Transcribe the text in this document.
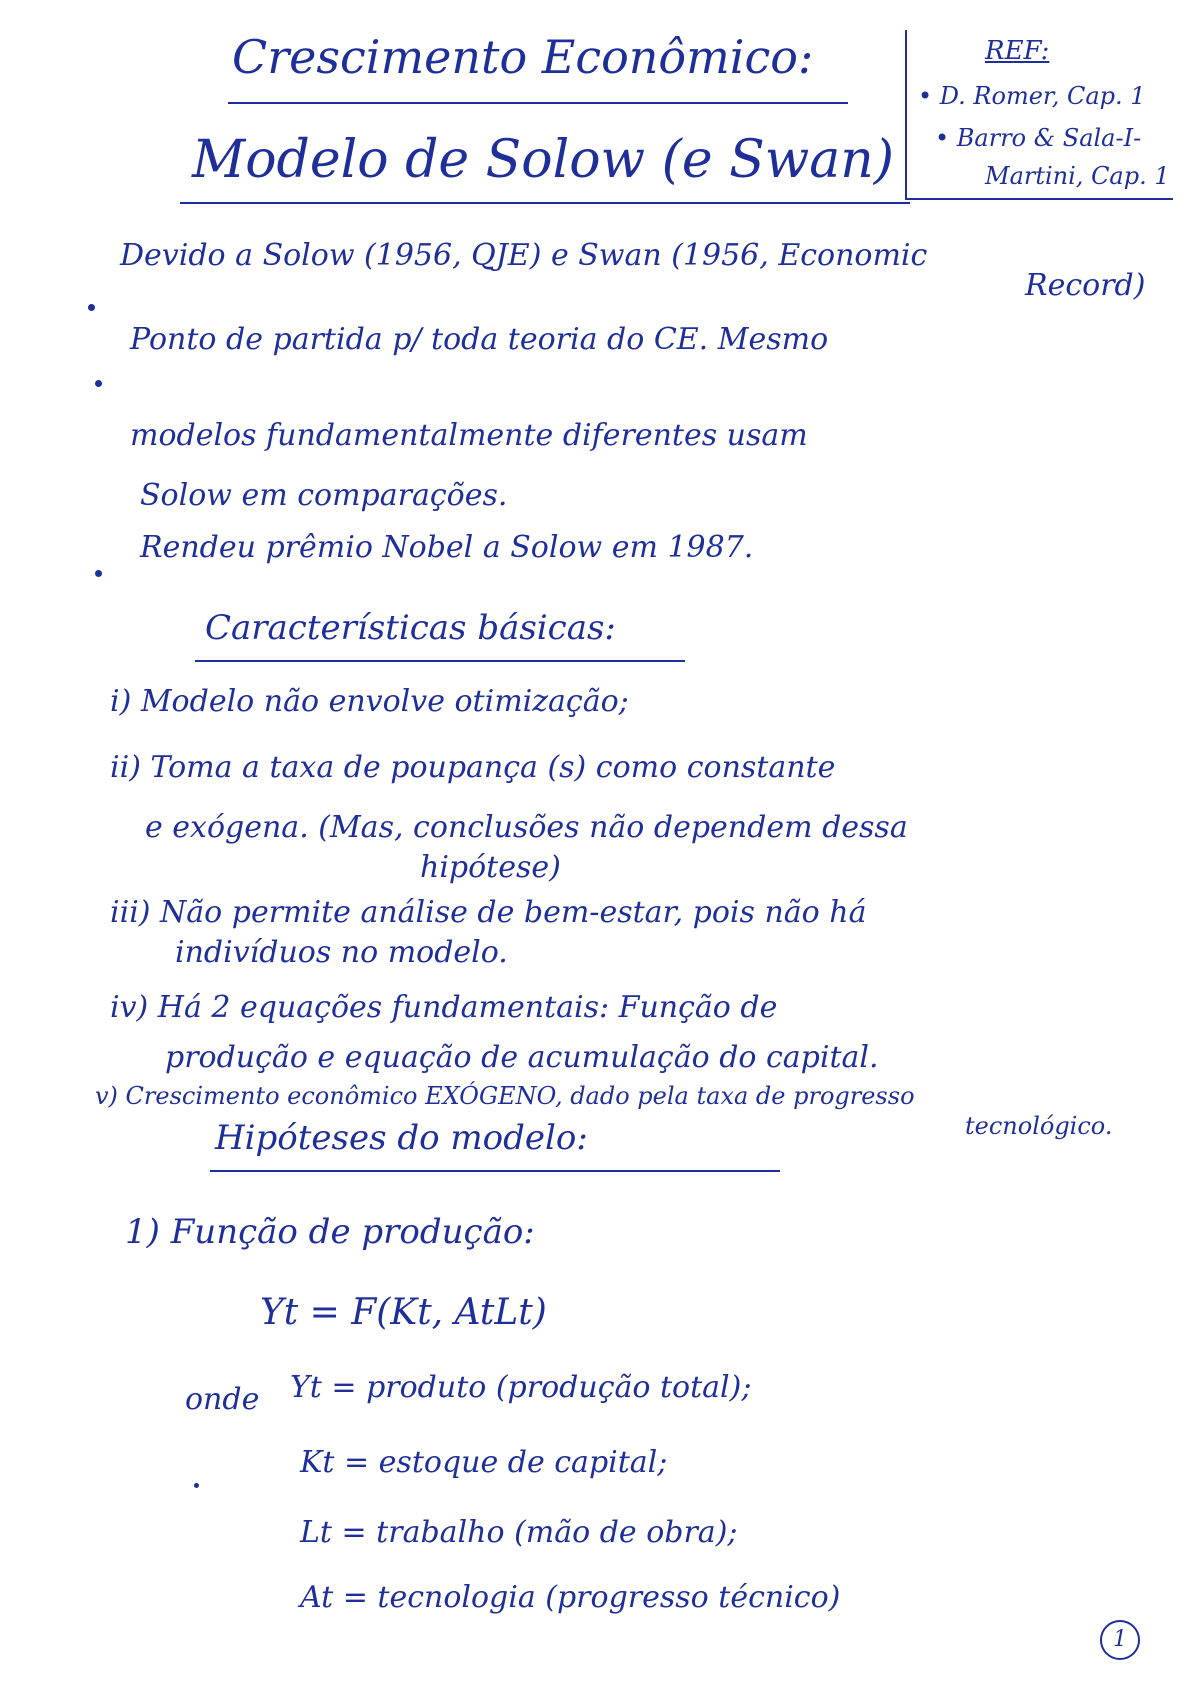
Crescimento Econômico:
Modelo de Solow (e Swan)
REF:
• D. Romer, Cap. 1
• Barro & Sala-I-
Martini, Cap. 1
Devido a Solow (1956, QJE) e Swan (1956, Economic
Record)
Ponto de partida p/ toda teoria do CE. Mesmo
modelos fundamentalmente diferentes usam
Solow em comparações.
Rendeu prêmio Nobel a Solow em 1987.
Características básicas:
i) Modelo não envolve otimização;
ii) Toma a taxa de poupança (s) como constante
e exógena. (Mas, conclusões não dependem dessa
hipótese)
iii) Não permite análise de bem-estar, pois não há
indivíduos no modelo.
iv) Há 2 equações fundamentais: Função de
produção e equação de acumulação do capital.
v) Crescimento econômico EXÓGENO, dado pela taxa de progresso
tecnológico.
Hipóteses do modelo:
1) Função de produção:
Yt = F(Kt, AtLt)
onde Yt = produto (produção total);
Kt = estoque de capital;
Lt = trabalho (mão de obra);
At = tecnologia (progresso técnico)
1
